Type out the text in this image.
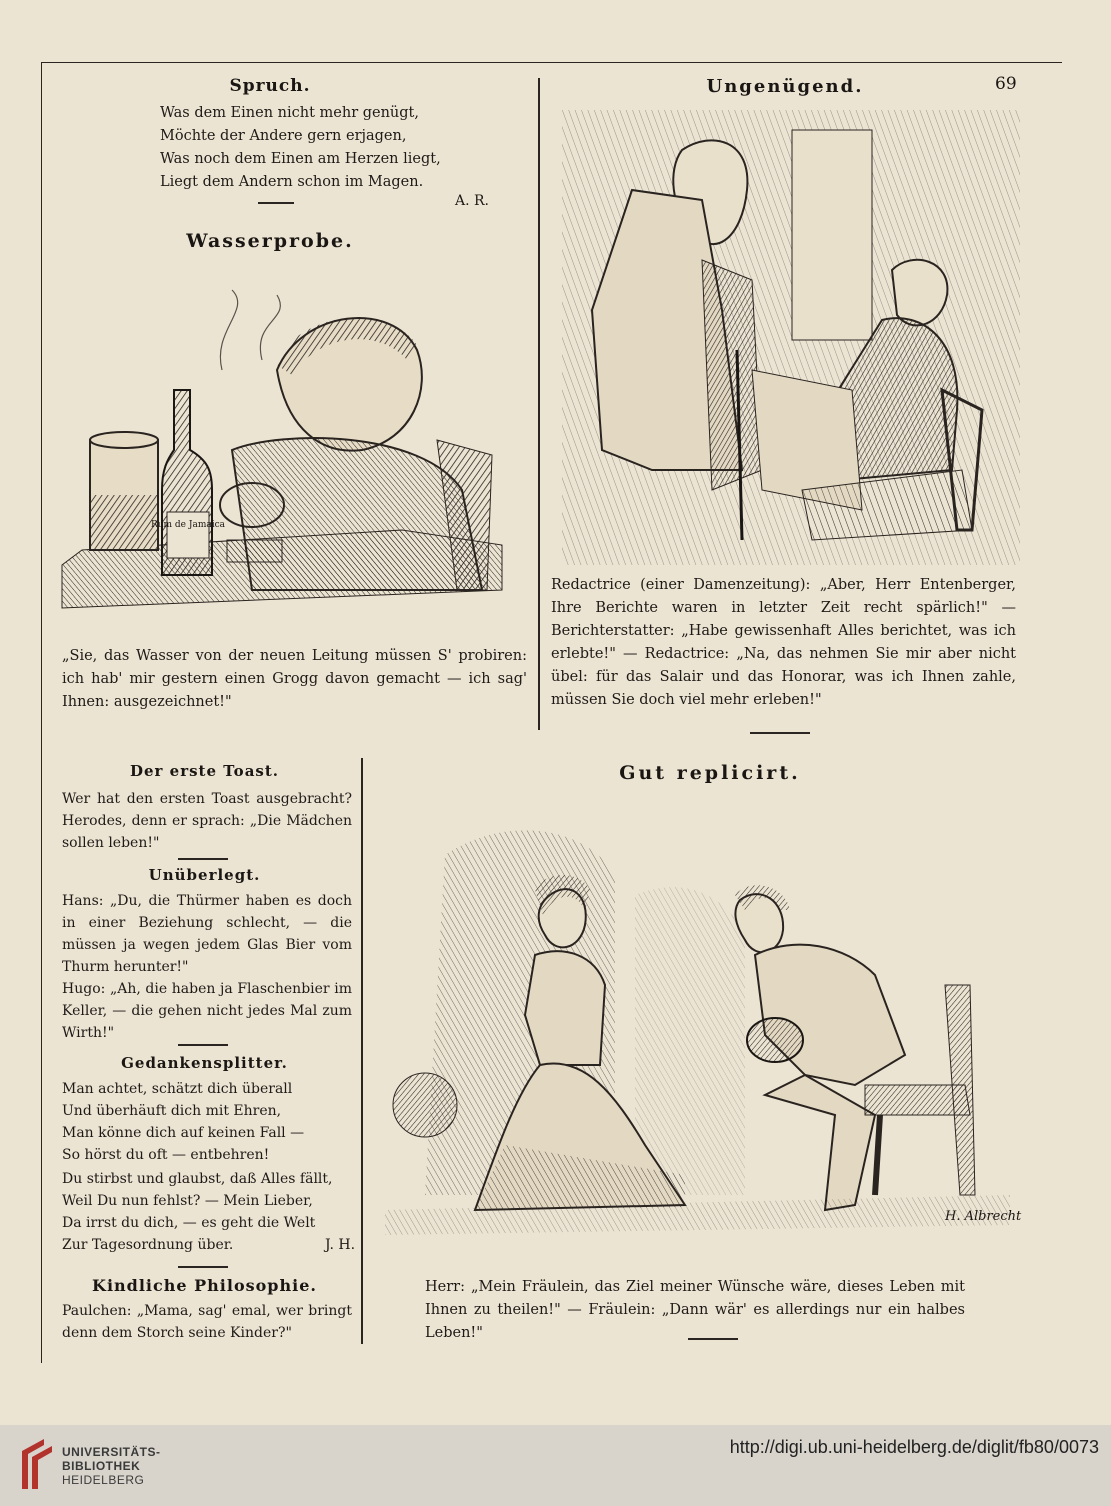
69
Spruch.
Was dem Einen nicht mehr genügt,
Möchte der Andere gern erjagen,
Was noch dem Einen am Herzen liegt,
Liegt dem Andern schon im Magen.
A. R.
Wasserprobe.
Rum de Jamaica
„Sie, das Wasser von der neuen Leitung müssen S' probiren: ich hab' mir gestern einen Grogg davon gemacht — ich sag' Ihnen: ausgezeichnet!"
Ungenügend.
Redactrice (einer Damenzeitung): „Aber, Herr Entenberger, Ihre Berichte waren in letzter Zeit recht spärlich!" — Berichterstatter: „Habe gewissenhaft Alles berichtet, was ich erlebte!" — Redactrice: „Na, das nehmen Sie mir aber nicht übel: für das Salair und das Honorar, was ich Ihnen zahle, müssen Sie doch viel mehr erleben!"
Der erste Toast.
Wer hat den ersten Toast ausgebracht? Herodes, denn er sprach: „Die Mädchen sollen leben!"
Unüberlegt.
Hans: „Du, die Thürmer haben es doch in einer Beziehung schlecht, — die müssen ja wegen jedem Glas Bier vom Thurm herunter!"
Hugo: „Ah, die haben ja Flaschenbier im Keller, — die gehen nicht jedes Mal zum Wirth!"
Gedankensplitter.
Man achtet, schätzt dich überall
Und überhäuft dich mit Ehren,
Man könne dich auf keinen Fall —
So hörst du oft — entbehren!
Du stirbst und glaubst, daß Alles fällt,
Weil Du nun fehlst? — Mein Lieber,
Da irrst du dich, — es geht die Welt
Zur Tagesordnung über.	J. H.
Kindliche Philosophie.
Paulchen: „Mama, sag' emal, wer bringt denn dem Storch seine Kinder?"
Gut replicirt.
H. Albrecht
Herr: „Mein Fräulein, das Ziel meiner Wünsche wäre, dieses Leben mit Ihnen zu theilen!" — Fräulein: „Dann wär' es allerdings nur ein halbes Leben!"
UNIVERSITÄTS-
BIBLIOTHEK
HEIDELBERG
http://digi.ub.uni-heidelberg.de/diglit/fb80/0073
